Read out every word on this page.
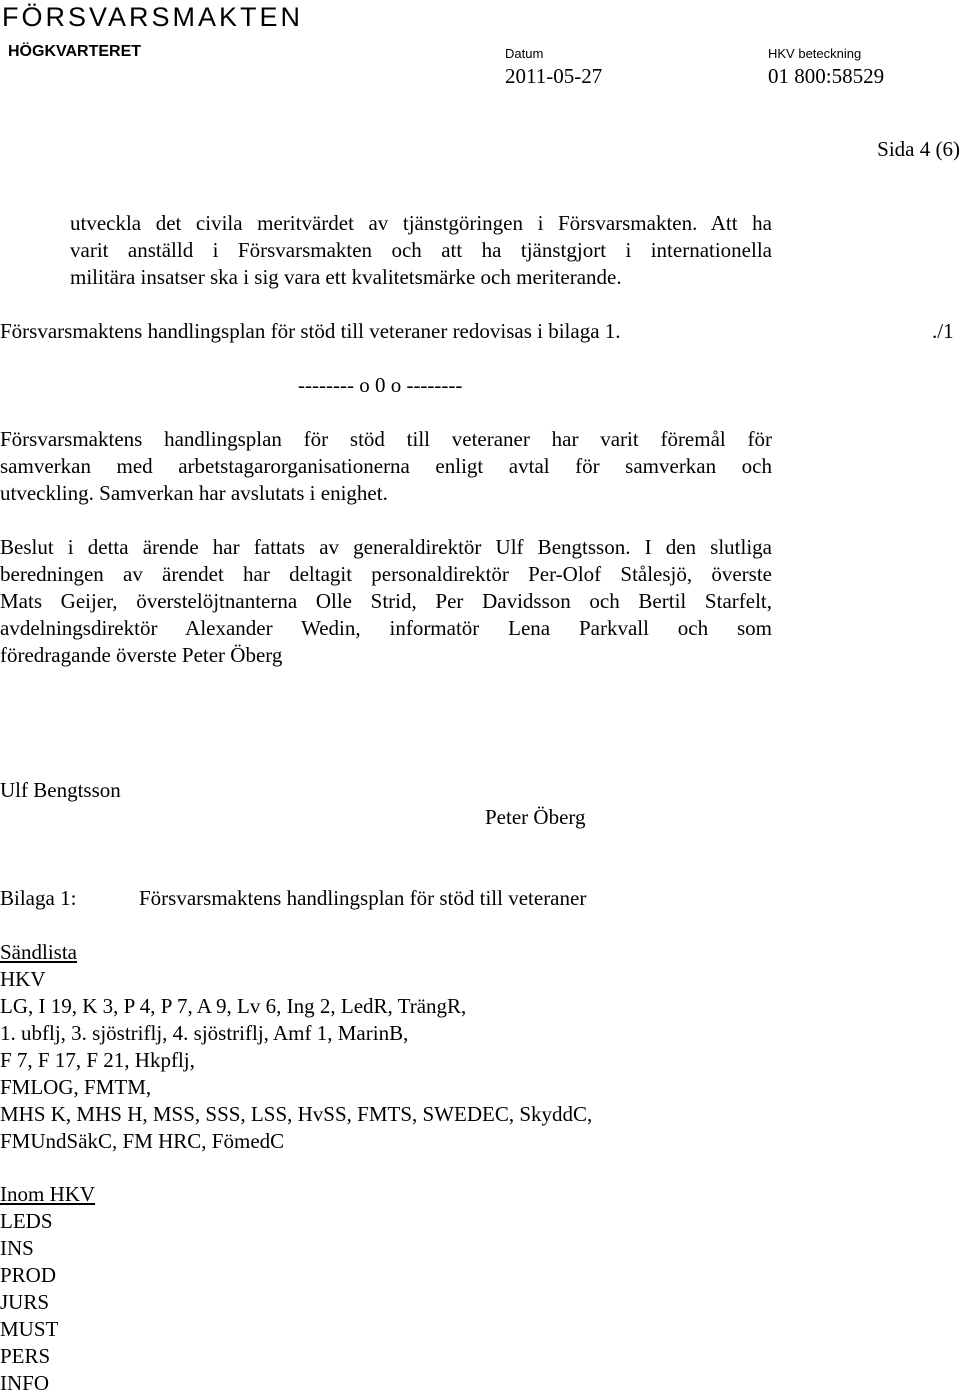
FÖRSVARSMAKTEN
HÖGKVARTERET	Datum
2011-05-27
HKV beteckning
01 800:58529
Sida 4 (6)
utveckla det civila meritvärdet av tjänstgöringen i Försvarsmakten. Att ha
varit anställd i Försvarsmakten och att ha tjänstgjort i internationella
militära insatser ska i sig vara ett kvalitetsmärke och meriterande.
Försvarsmaktens handlingsplan för stöd till veteraner redovisas i bilaga 1.	./1
-------- o 0 o --------
Försvarsmaktens handlingsplan för stöd till veteraner har varit föremål för
samverkan med arbetstagarorganisationerna enligt avtal för samverkan och
utveckling. Samverkan har avslutats i enighet.
Beslut i detta ärende har fattats av generaldirektör Ulf Bengtsson. I den slutliga
beredningen av ärendet har deltagit personaldirektör Per-Olof Stålesjö, överste
Mats Geijer, överstelöjtnanterna Olle Strid, Per Davidsson och Bertil Starfelt,
avdelningsdirektör Alexander Wedin, informatör Lena Parkvall och som
föredragande överste Peter Öberg
Ulf Bengtsson
Peter Öberg
Bilaga 1:	Försvarsmaktens handlingsplan för stöd till veteraner
Sändlista
HKV
LG, I 19, K 3, P 4, P 7, A 9, Lv 6, Ing 2, LedR, TrängR,
1. ubflj, 3. sjöstriflj, 4. sjöstriflj, Amf 1, MarinB,
F 7, F 17, F 21, Hkpflj,
FMLOG, FMTM,
MHS K, MHS H, MSS, SSS, LSS, HvSS, FMTS, SWEDEC, SkyddC,
FMUndSäkC, FM HRC, FömedC
Inom HKV
LEDS
INS
PROD
JURS
MUST
PERS
INFO
